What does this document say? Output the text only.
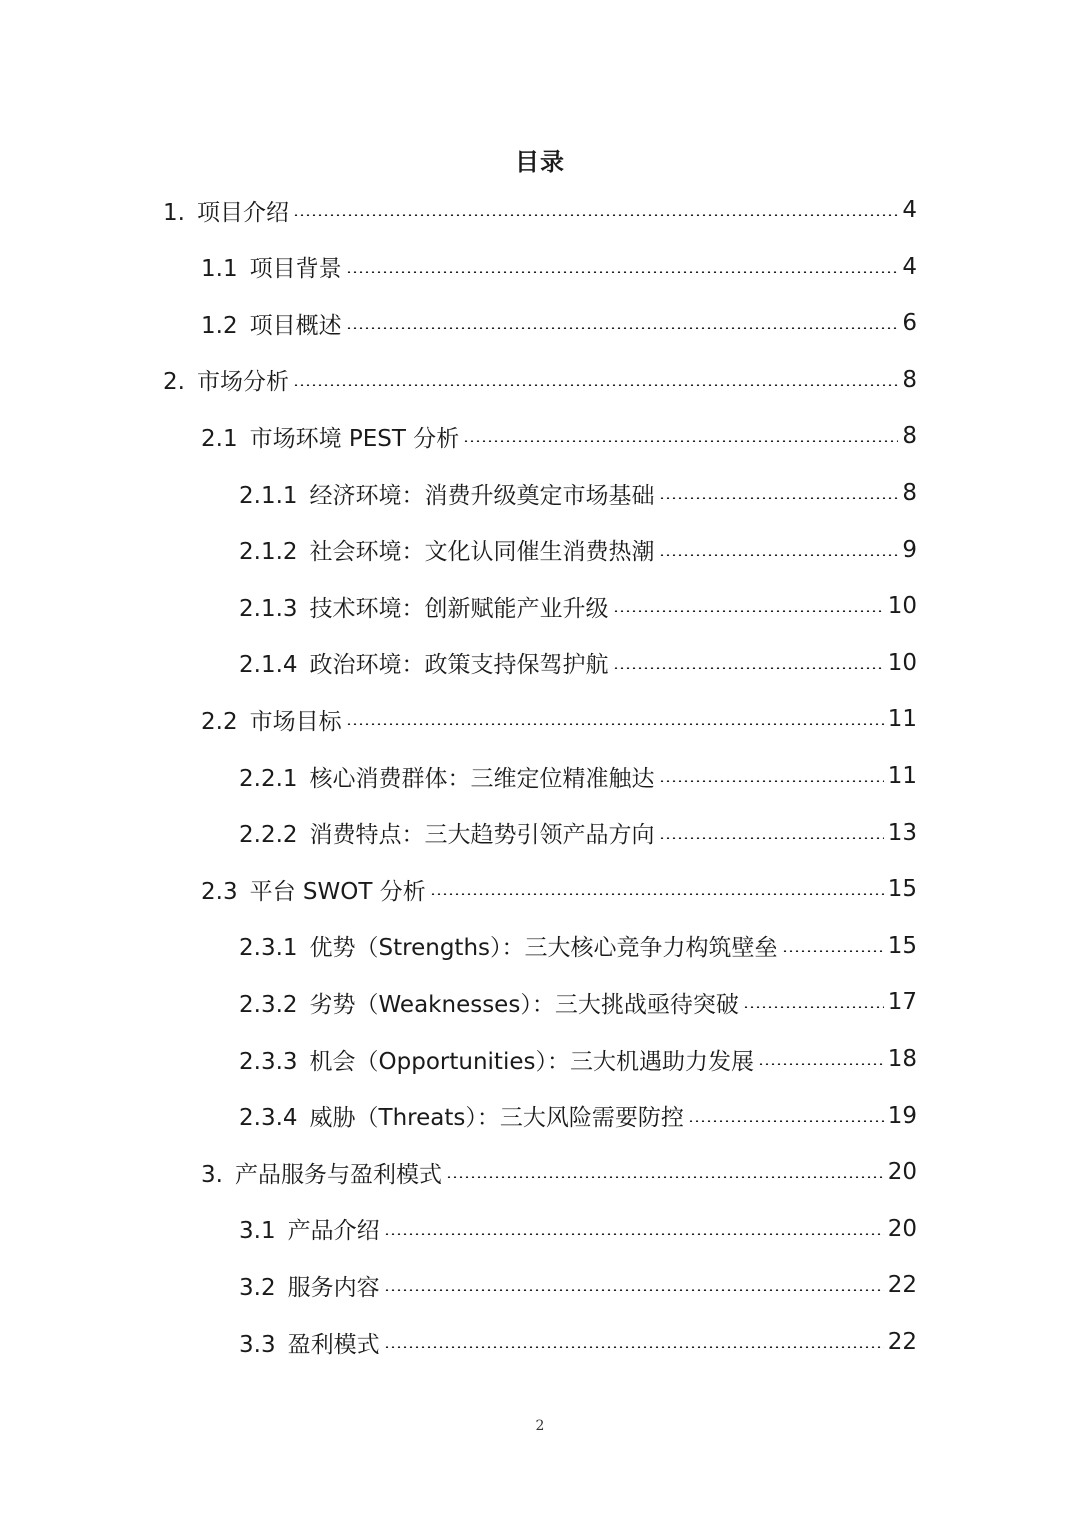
目录
1. 项目介绍	4
1.1 项目背景	4
1.2 项目概述	6
2. 市场分析	8
2.1 市场环境 PEST 分析	8
2.1.1 经济环境：消费升级奠定市场基础	8
2.1.2 社会环境：文化认同催生消费热潮	9
2.1.3 技术环境：创新赋能产业升级	10
2.1.4 政治环境：政策支持保驾护航	10
2.2 市场目标	11
2.2.1 核心消费群体：三维定位精准触达	11
2.2.2 消费特点：三大趋势引领产品方向	13
2.3 平台 SWOT 分析	15
2.3.1 优势（Strengths）：三大核心竞争力构筑壁垒	15
2.3.2 劣势（Weaknesses）：三大挑战亟待突破	17
2.3.3 机会（Opportunities）：三大机遇助力发展	18
2.3.4 威胁（Threats）：三大风险需要防控	19
3. 产品服务与盈利模式	20
3.1 产品介绍	20
3.2 服务内容	22
3.3 盈利模式	22
2
